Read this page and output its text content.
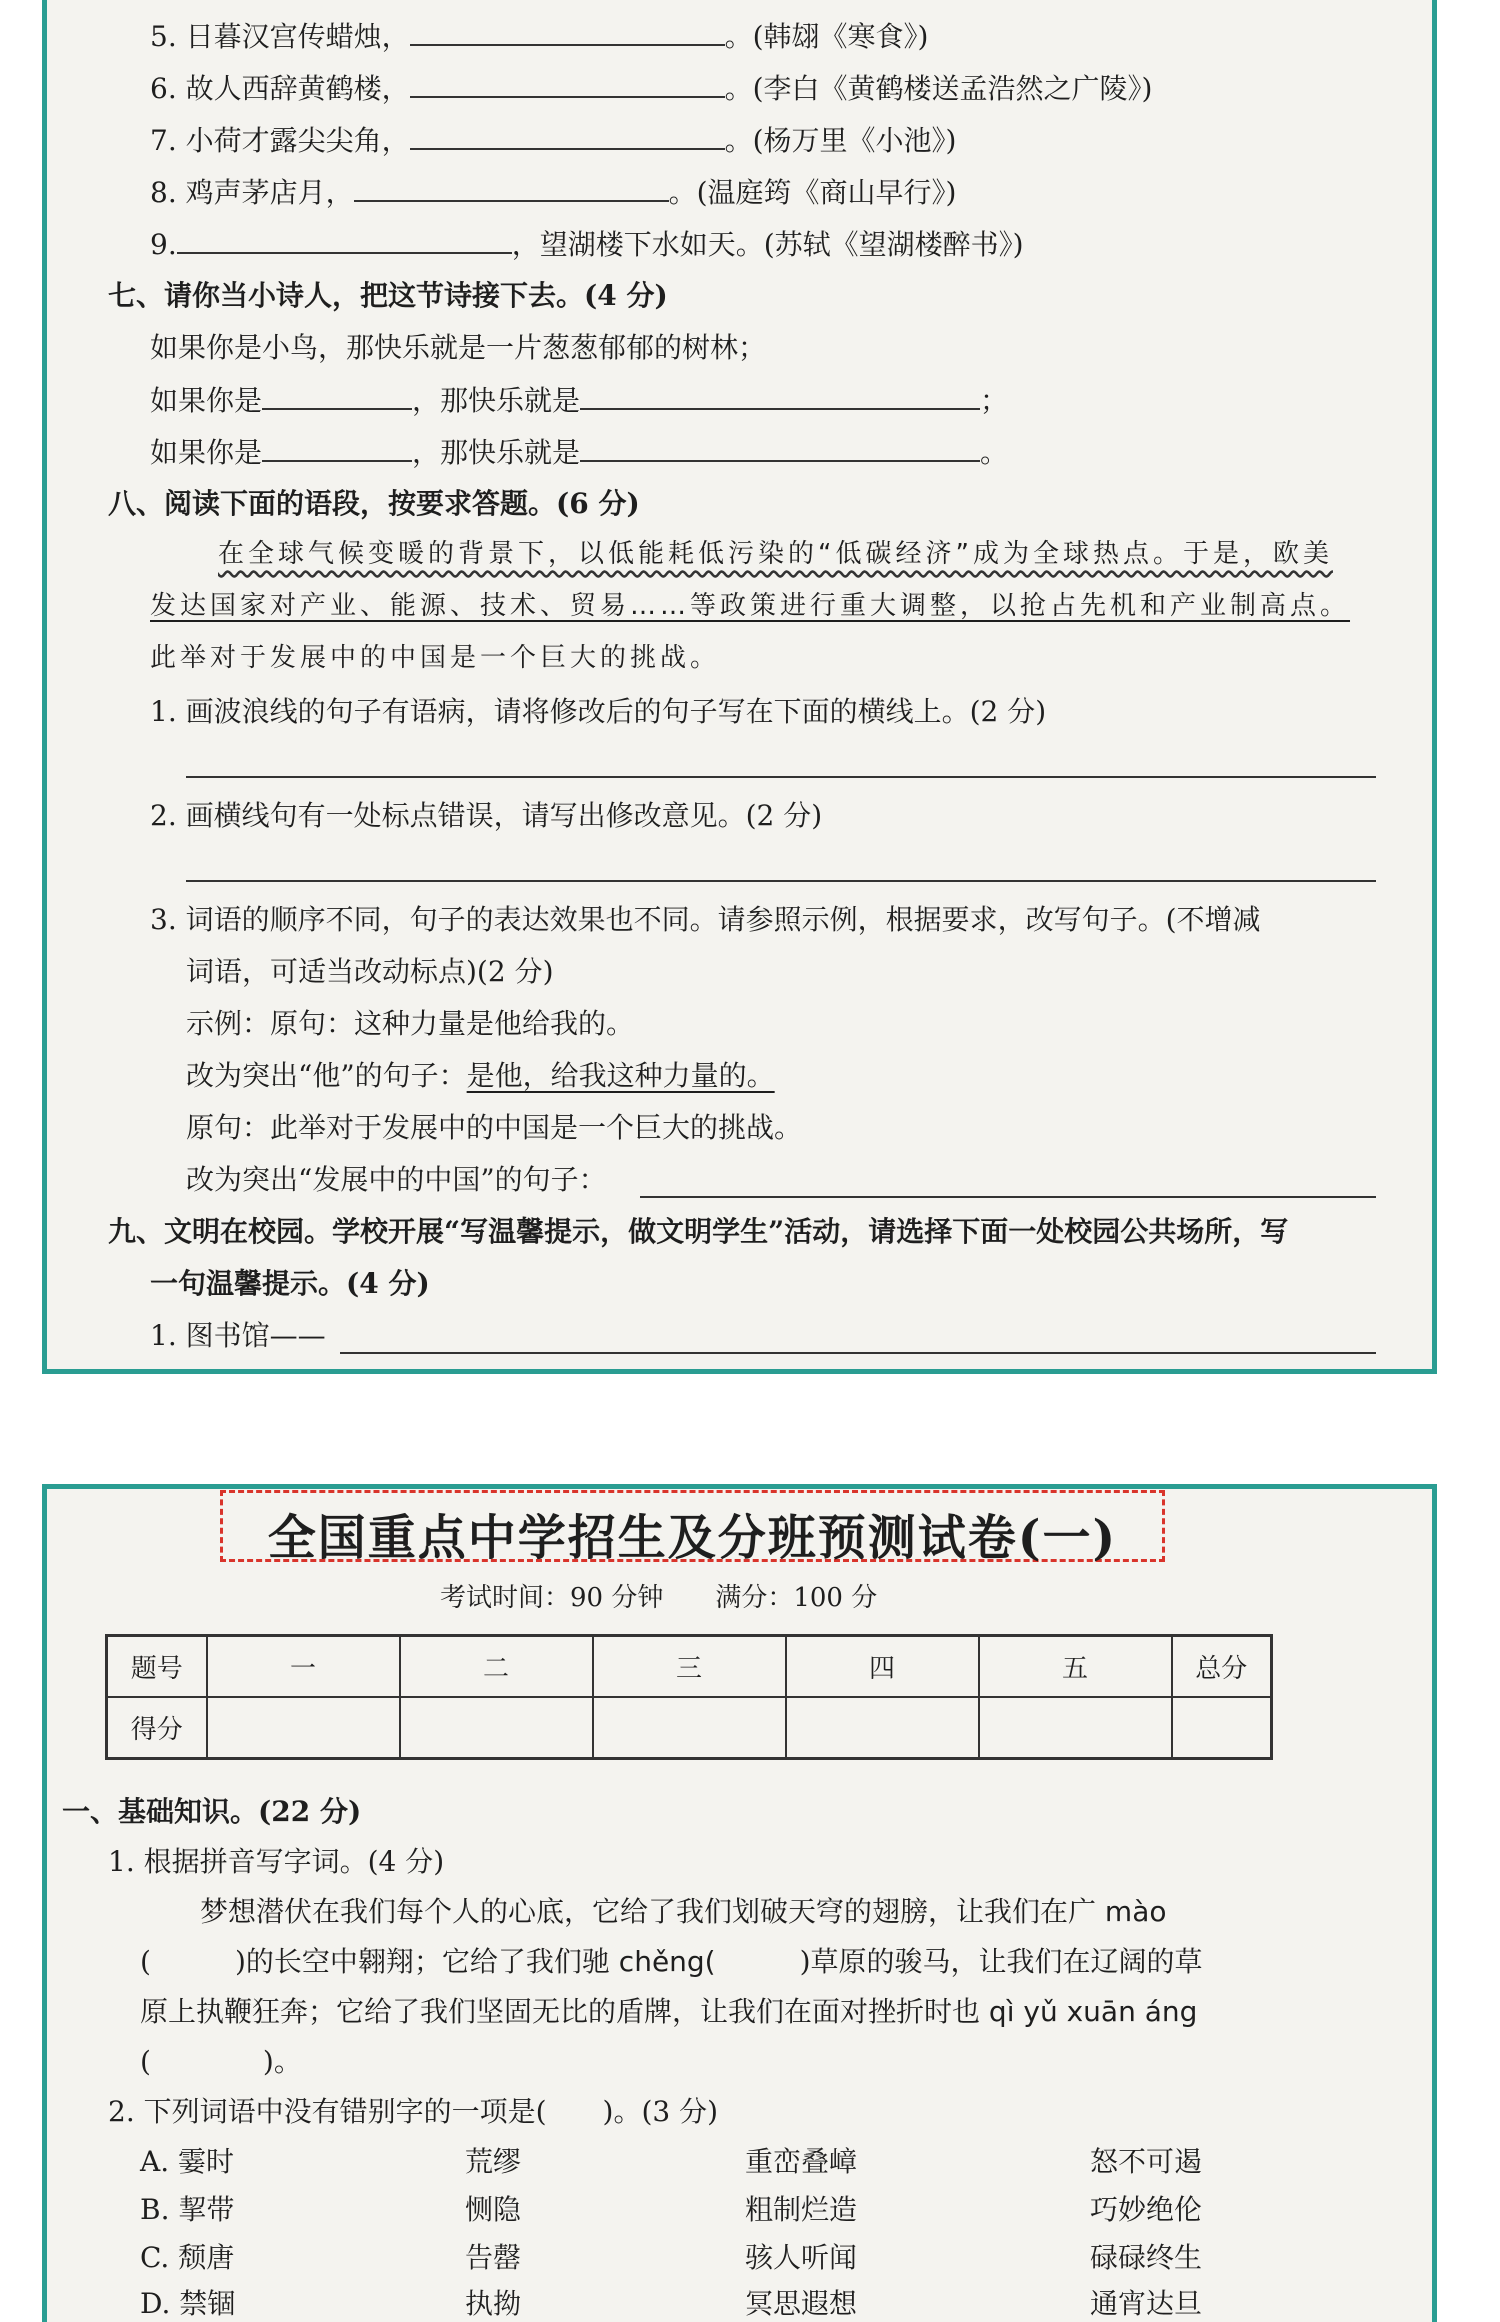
5. 日暮汉宫传蜡烛，	。(韩翃《寒食》)
6. 故人西辞黄鹤楼，	。(李白《黄鹤楼送孟浩然之广陵》)
7. 小荷才露尖尖角，	。(杨万里《小池》)
8. 鸡声茅店月，	。(温庭筠《商山早行》)
9.	，望湖楼下水如天。(苏轼《望湖楼醉书》)
七、请你当小诗人，把这节诗接下去。(4 分)
如果你是小鸟，那快乐就是一片葱葱郁郁的树林；
如果你是	，那快乐就是	；
如果你是	，那快乐就是	。
八、阅读下面的语段，按要求答题。(6 分)
在全球气候变暖的背景下，以低能耗低污染的“低碳经济”成为全球热点。于是，欧美
发达国家对产业、能源、技术、贸易……等政策进行重大调整，以抢占先机和产业制高点。
此举对于发展中的中国是一个巨大的挑战。
1. 画波浪线的句子有语病，请将修改后的句子写在下面的横线上。(2 分)
2. 画横线句有一处标点错误，请写出修改意见。(2 分)
3. 词语的顺序不同，句子的表达效果也不同。请参照示例，根据要求，改写句子。(不增减
词语，可适当改动标点)(2 分)
示例：原句：这种力量是他给我的。
改为突出“他”的句子：是他，给我这种力量的。
原句：此举对于发展中的中国是一个巨大的挑战。
改为突出“发展中的中国”的句子：
九、文明在校园。学校开展“写温馨提示，做文明学生”活动，请选择下面一处校园公共场所，写
一句温馨提示。(4 分)
1. 图书馆——
全国重点中学招生及分班预测试卷(一)
考试时间：90 分钟　　满分：100 分
题号	一	二	三	四	五	总分
得分						
一、基础知识。(22 分)
1. 根据拼音写字词。(4 分)
梦想潜伏在我们每个人的心底，它给了我们划破天穹的翅膀，让我们在广 mào
(　　　	)的长空中翱翔；它给了我们驰 chěng(　　　	)草原的骏马，让我们在辽阔的草
原上执鞭狂奔；它给了我们坚固无比的盾牌，让我们在面对挫折时也 qì yǔ xuān áng
(　　　　)。
2. 下列词语中没有错别字的一项是(　　)。(3 分)
A. 霎时	荒缪	重峦叠嶂	怒不可遏
B. 挈带	恻隐	粗制烂造	巧妙绝伦
C. 颓唐	告罄	骇人听闻	碌碌终生
D. 禁锢	执拗	冥思遐想	通宵达旦
